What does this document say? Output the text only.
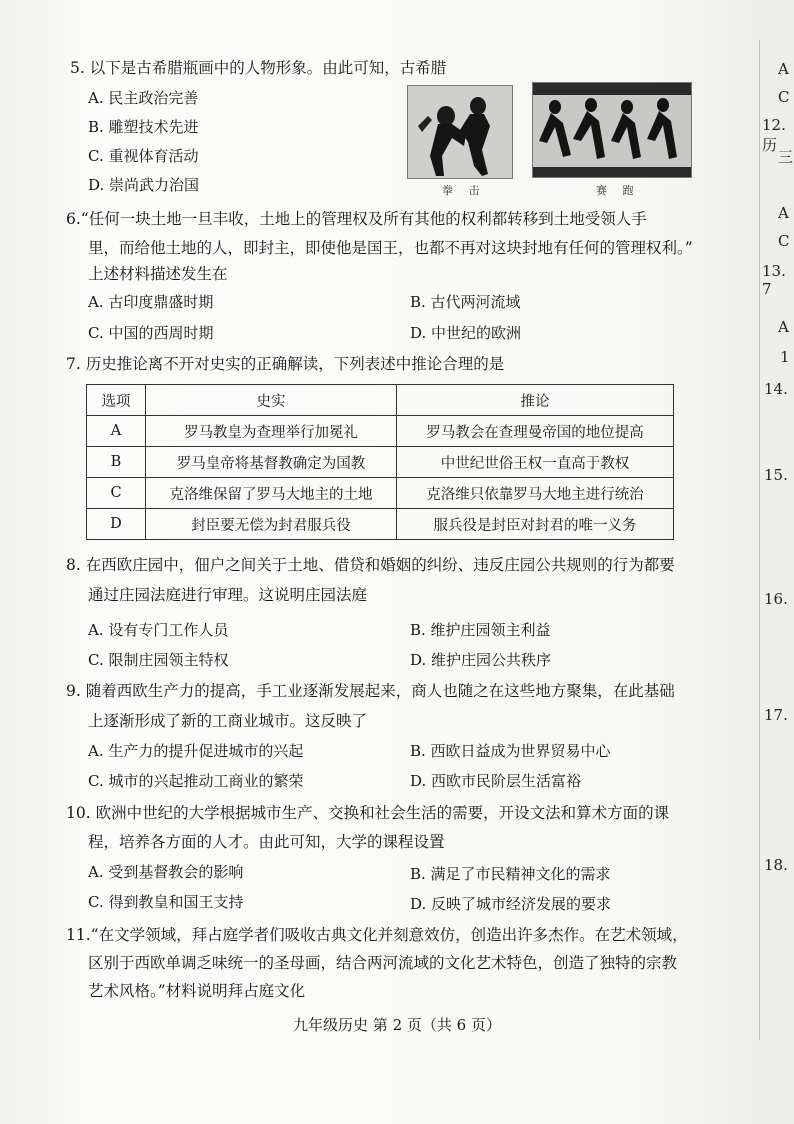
5. 以下是古希腊瓶画中的人物形象。由此可知，古希腊
A. 民主政治完善
B. 雕塑技术先进
C. 重视体育活动
D. 崇尚武力治国	拳 击	赛 跑
6.“任何一块土地一旦丰收，土地上的管理权及所有其他的权利都转移到土地受领人手
里，而给他土地的人，即封主，即使他是国王，也都不再对这块封地有任何的管理权利。”
上述材料描述发生在
A. 古印度鼎盛时期	B. 古代两河流域
C. 中国的西周时期	D. 中世纪的欧洲
7. 历史推论离不开对史实的正确解读，下列表述中推论合理的是
选项	史实	推论
A	罗马教皇为查理举行加冕礼	罗马教会在查理曼帝国的地位提高
B	罗马皇帝将基督教确定为国教	中世纪世俗王权一直高于教权
C	克洛维保留了罗马大地主的土地	克洛维只依靠罗马大地主进行统治
D	封臣要无偿为封君服兵役	服兵役是封臣对封君的唯一义务
8. 在西欧庄园中，佃户之间关于土地、借贷和婚姻的纠纷、违反庄园公共规则的行为都要
通过庄园法庭进行审理。这说明庄园法庭
A. 设有专门工作人员	B. 维护庄园领主利益
C. 限制庄园领主特权	D. 维护庄园公共秩序
9. 随着西欧生产力的提高，手工业逐渐发展起来，商人也随之在这些地方聚集，在此基础
上逐渐形成了新的工商业城市。这反映了
A. 生产力的提升促进城市的兴起	B. 西欧日益成为世界贸易中心
C. 城市的兴起推动工商业的繁荣	D. 西欧市民阶层生活富裕
10. 欧洲中世纪的大学根据城市生产、交换和社会生活的需要，开设文法和算术方面的课
程，培养各方面的人才。由此可知，大学的课程设置
A. 受到基督教会的影响	B. 满足了市民精神文化的需求
C. 得到教皇和国王支持	D. 反映了城市经济发展的要求
11.“在文学领域，拜占庭学者们吸收古典文化并刻意效仿，创造出许多杰作。在艺术领域，
区别于西欧单调乏味统一的圣母画，结合两河流域的文化艺术特色，创造了独特的宗教
艺术风格。”材料说明拜占庭文化
A
C
12. 历
三
A
C
13. 7
A
1
14.
15.
16.
17.
18.
九年级历史 第 2 页（共 6 页）
